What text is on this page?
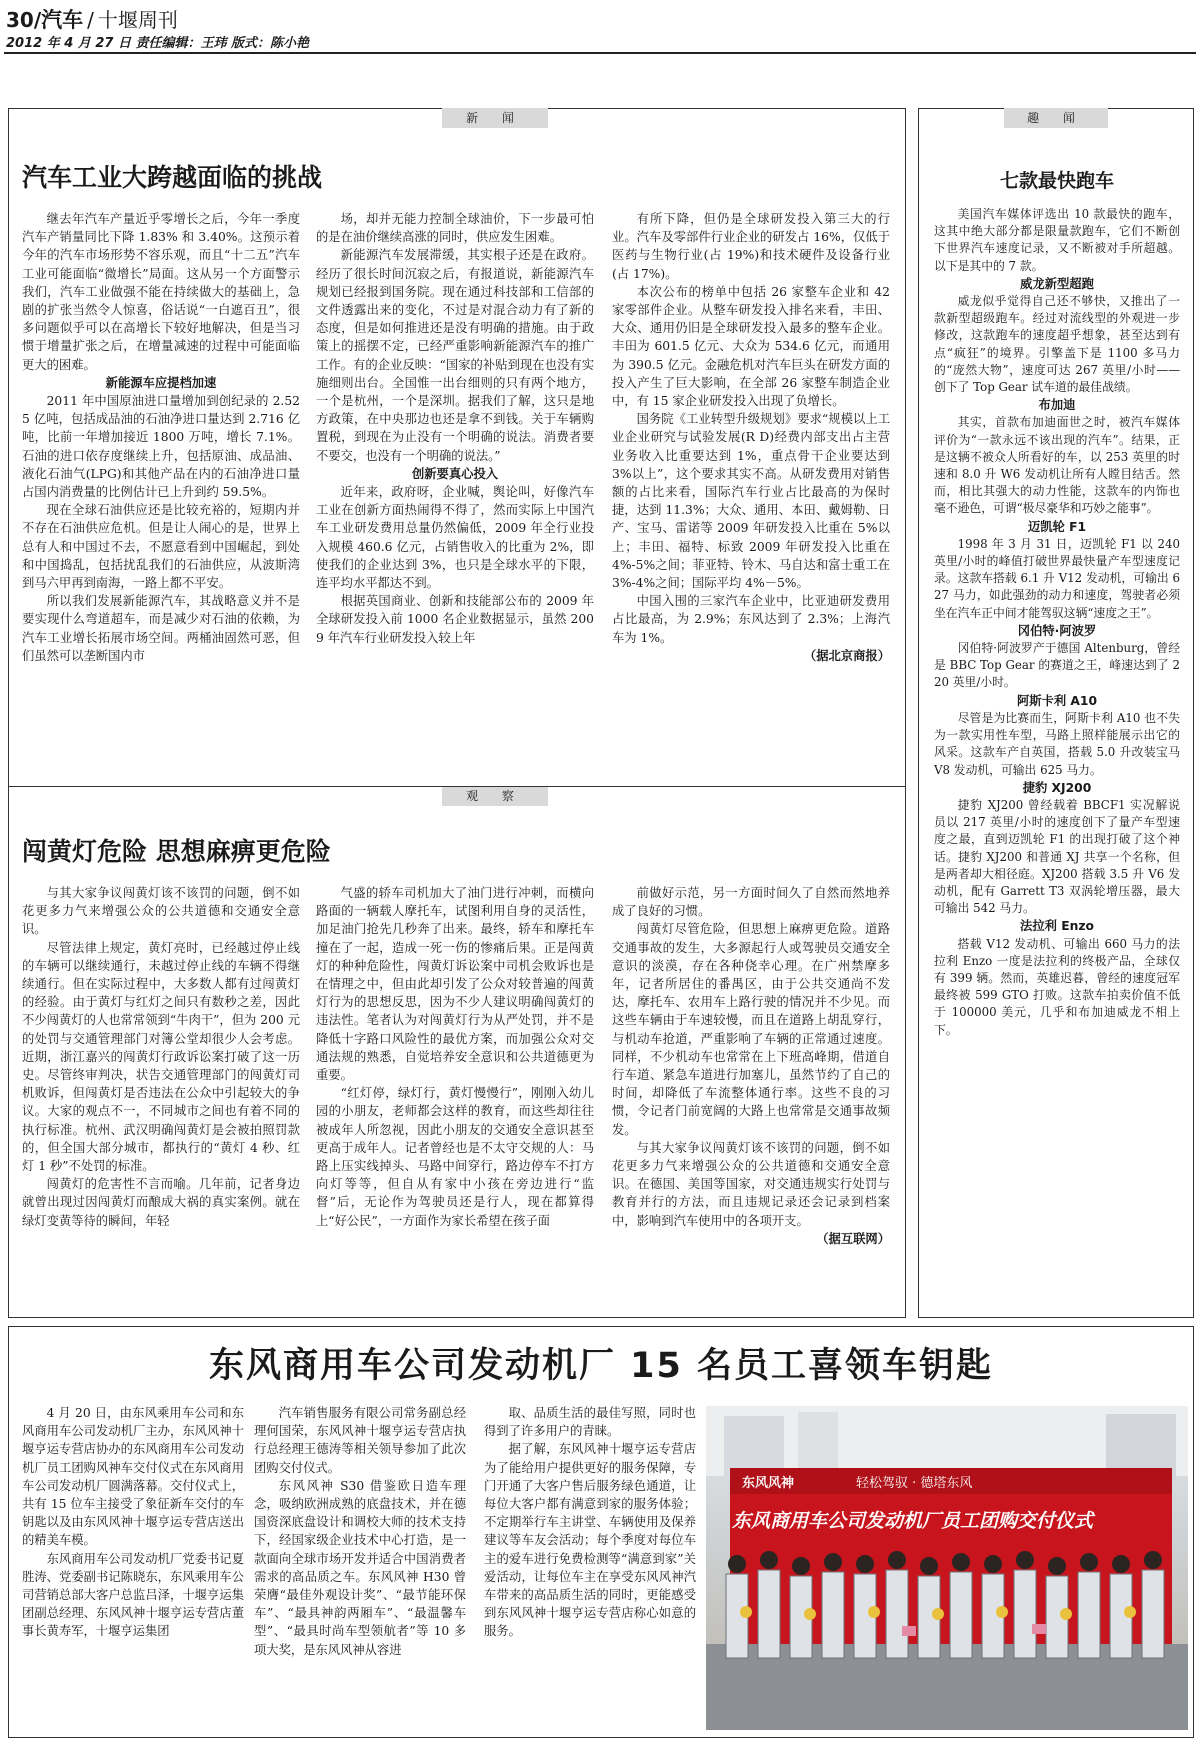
30/汽车 / 十堰周刊
2012 年 4 月 27 日 责任编辑：王玮 版式：陈小艳
新 闻	趣 闻
观 察
汽车工业大跨越面临的挑战

继去年汽车产量近乎零增长之后，今年一季度汽车产销量同比下降 1.83% 和 3.40%。这预示着今年的汽车市场形势不容乐观，而且“十二五”汽车工业可能面临“微增长”局面。这从另一个方面警示我们，汽车工业做强不能在持续做大的基础上，急剧的扩张当然令人惊喜，俗话说“一白遮百丑”，很多问题似乎可以在高增长下较好地解决，但是当习惯于增量扩张之后，在增量减速的过程中可能面临更大的困难。

新能源车应提档加速

2011 年中国原油进口量增加到创纪录的 2.525 亿吨，包括成品油的石油净进口量达到 2.716 亿吨，比前一年增加接近 1800 万吨，增长 7.1%。石油的进口依存度继续上升，包括原油、成品油、液化石油气(LPG)和其他产品在内的石油净进口量占国内消费量的比例估计已上升到约 59.5%。

现在全球石油供应还是比较充裕的，短期内并不存在石油供应危机。但是让人闹心的是，世界上总有人和中国过不去，不愿意看到中国崛起，到处和中国捣乱，包括扰乱我们的石油供应，从波斯湾到马六甲再到南海，一路上都不平安。

所以我们发展新能源汽车，其战略意义并不是要实现什么弯道超车，而是减少对石油的依赖，为汽车工业增长拓展市场空间。两桶油固然可恶，但们虽然可以垄断国内市

场，却并无能力控制全球油价，下一步最可怕的是在油价继续高涨的同时，供应发生困难。

新能源汽车发展滞缓，其实根子还是在政府。经历了很长时间沉寂之后，有报道说，新能源汽车规划已经报到国务院。现在通过科技部和工信部的文件透露出来的变化，不过是对混合动力有了新的态度，但是如何推进还是没有明确的措施。由于政策上的摇摆不定，已经严重影响新能源汽车的推广工作。有的企业反映：“国家的补贴到现在也没有实施细则出台。全国惟一出台细则的只有两个地方，一个是杭州，一个是深圳。据我们了解，这只是地方政策，在中央那边也还是拿不到钱。关于车辆购置税，到现在为止没有一个明确的说法。消费者要不要交，也没有一个明确的说法。”

创新要真心投入

近年来，政府呀，企业喊，舆论叫，好像汽车工业在创新方面热闹得不得了，然而实际上中国汽车工业研发费用总量仍然偏低，2009 年全行业投入规模 460.6 亿元，占销售收入的比重为 2%，即使我们的企业达到 3%，也只是全球水平的下限，连平均水平都达不到。

根据英国商业、创新和技能部公布的 2009 年全球研发投入前 1000 名企业数据显示，虽然 2009 年汽车行业研发投入较上年

有所下降，但仍是全球研发投入第三大的行业。汽车及零部件行业企业的研发占 16%，仅低于医药与生物行业(占 19%)和技术硬件及设备行业(占 17%)。

本次公布的榜单中包括 26 家整车企业和 42 家零部件企业。从整车研发投入排名来看，丰田、大众、通用仍旧是全球研发投入最多的整车企业。丰田为 601.5 亿元、大众为 534.6 亿元，而通用为 390.5 亿元。金融危机对汽车巨头在研发方面的投入产生了巨大影响，在全部 26 家整车制造企业中，有 15 家企业研发投入出现了负增长。

国务院《工业转型升级规划》要求“规模以上工业企业研究与试验发展(R D)经费内部支出占主营业务收入比重要达到 1%，重点骨干企业要达到 3%以上”，这个要求其实不高。从研发费用对销售额的占比来看，国际汽车行业占比最高的为保时捷，达到 11.3%；大众、通用、本田、戴姆勒、日产、宝马、雷诺等 2009 年研发投入比重在 5%以上；丰田、福特、标致 2009 年研发投入比重在 4%-5%之间；菲亚特、铃木、马自达和富士重工在 3%-4%之间；国际平均 4%－5%。

中国入围的三家汽车企业中，比亚迪研发费用占比最高，为 2.9%；东风达到了 2.3%；上海汽车为 1%。

（据北京商报）
闯黄灯危险 思想麻痹更危险

与其大家争议闯黄灯该不该罚的问题，倒不如花更多力气来增强公众的公共道德和交通安全意识。

尽管法律上规定，黄灯亮时，已经越过停止线的车辆可以继续通行，未越过停止线的车辆不得继续通行。但在实际过程中，大多数人都有过闯黄灯的经验。由于黄灯与红灯之间只有数秒之差，因此不少闯黄灯的人也常常领到“牛肉干”，但为 200 元的处罚与交通管理部门对簿公堂却很少人会考虑。近期，浙江嘉兴的闯黄灯行政诉讼案打破了这一历史。尽管终审判决，状告交通管理部门的闯黄灯司机败诉，但闯黄灯是否违法在公众中引起较大的争议。大家的观点不一，不同城市之间也有着不同的执行标准。杭州、武汉明确闯黄灯是会被拍照罚款的，但全国大部分城市，都执行的“黄灯 4 秒、红灯 1 秒”不处罚的标准。

闯黄灯的危害性不言而喻。几年前，记者身边就曾出现过因闯黄灯而酿成大祸的真实案例。就在绿灯变黄等待的瞬间，年轻

气盛的轿车司机加大了油门进行冲刺，而横向路面的一辆载人摩托车，试图利用自身的灵活性，加足油门抢先几秒奔了出来。最终，轿车和摩托车撞在了一起，造成一死一伤的惨痛后果。正是闯黄灯的种种危险性，闯黄灯诉讼案中司机会败诉也是在情理之中，但由此却引发了公众对较普遍的闯黄灯行为的思想反思，因为不少人建议明确闯黄灯的违法性。笔者认为对闯黄灯行为从严处罚，并不是降低十字路口风险性的最优方案，而加强公众对交通法规的熟悉，自觉培养安全意识和公共道德更为重要。

“红灯停，绿灯行，黄灯慢慢行”，刚刚入幼儿园的小朋友，老师都会这样的教育，而这些却往往被成年人所忽视，因此小朋友的交通安全意识甚至更高于成年人。记者曾经也是不太守交规的人：马路上压实线掉头、马路中间穿行，路边停车不打方向灯等等，但自从有家中小孩在旁边进行“监督”后，无论作为驾驶员还是行人，现在都算得上“好公民”，一方面作为家长希望在孩子面

前做好示范，另一方面时间久了自然而然地养成了良好的习惯。

闯黄灯尽管危险，但思想上麻痹更危险。道路交通事故的发生，大多源起行人或驾驶员交通安全意识的淡漠，存在各种侥幸心理。在广州禁摩多年，记者所居住的番禺区，由于公共交通尚不发达，摩托车、农用车上路行驶的情况并不少见。而这些车辆由于车速较慢，而且在道路上胡乱穿行，与机动车抢道，严重影响了车辆的正常通过速度。同样，不少机动车也常常在上下班高峰期，借道自行车道、紧急车道进行加塞儿，虽然节约了自己的时间，却降低了车流整体通行率。这些不良的习惯，令记者门前宽阔的大路上也常常是交通事故频发。

与其大家争议闯黄灯该不该罚的问题，倒不如花更多力气来增强公众的公共道德和交通安全意识。在德国、美国等国家，对交通违规实行处罚与教育并行的方法，而且违规记录还会记录到档案中，影响到汽车使用中的各项开支。

（据互联网）
七款最快跑车

美国汽车媒体评选出 10 款最快的跑车，这其中绝大部分都是限量款跑车，它们不断创下世界汽车速度记录，又不断被对手所超越。以下是其中的 7 款。

威龙新型超跑

威龙似乎觉得自己还不够快，又推出了一款新型超级跑车。经过对流线型的外观进一步修改，这款跑车的速度超乎想象，甚至达到有点“疯狂”的境界。引擎盖下是 1100 多马力的“庞然大物”，速度可达 267 英里/小时——创下了 Top Gear 试车道的最佳战绩。

布加迪

其实，首款布加迪面世之时，被汽车媒体评价为“一款永远不该出现的汽车”。结果，正是这辆不被众人所看好的车，以 253 英里的时速和 8.0 升 W6 发动机让所有人瞠目结舌。然而，相比其强大的动力性能，这款车的内饰也毫不逊色，可谓“极尽豪华和巧妙之能事”。

迈凯轮 F1

1998 年 3 月 31 日，迈凯轮 F1 以 240 英里/小时的峰值打破世界最快量产车型速度记录。这款车搭载 6.1 升 V12 发动机，可输出 627 马力，如此强劲的动力和速度，驾驶者必须坐在汽车正中间才能驾驭这辆“速度之王”。

冈伯特·阿波罗

冈伯特·阿波罗产于德国 Altenburg，曾经是 BBC Top Gear 的赛道之王，峰速达到了 220 英里/小时。

阿斯卡利 A10

尽管是为比赛而生，阿斯卡利 A10 也不失为一款实用性车型，马路上照样能展示出它的风采。这款车产自英国，搭载 5.0 升改装宝马 V8 发动机，可输出 625 马力。

捷豹 XJ200

捷豹 XJ200 曾经载着 BBCF1 实况解说员以 217 英里/小时的速度创下了量产车型速度之最，直到迈凯轮 F1 的出现打破了这个神话。捷豹 XJ200 和普通 XJ 共享一个名称，但是两者却大相径庭。XJ200 搭载 3.5 升 V6 发动机，配有 Garrett T3 双涡轮增压器，最大可输出 542 马力。

法拉利 Enzo

搭载 V12 发动机、可输出 660 马力的法拉利 Enzo 一度是法拉利的终极产品，全球仅有 399 辆。然而，英雄迟暮，曾经的速度冠军最终被 599 GTO 打败。这款车拍卖价值不低于 100000 美元，几乎和布加迪威龙不相上下。

东风商用车公司发动机厂 15 名员工喜领车钥匙

4 月 20 日，由东风乘用车公司和东风商用车公司发动机厂主办，东风风神十堰亨运专营店协办的东风商用车公司发动机厂员工团购风神车交付仪式在东风商用车公司发动机厂圆满落幕。交付仪式上，共有 15 位车主接受了象征新车交付的车钥匙以及由东风风神十堰亨运专营店送出的精美车模。

东风商用车公司发动机厂党委书记夏胜涛、党委副书记陈晓东，东风乘用车公司营销总部大客户总监吕泽，十堰亨运集团副总经理、东风风神十堰亨运专营店董事长黄寿军，十堰亨运集团

汽车销售服务有限公司常务副总经理何国荣，东风风神十堰亨运专营店执行总经理王德涛等相关领导参加了此次团购交付仪式。

东风风神 S30 借鉴欧日造车理念，吸纳欧洲成熟的底盘技术，并在德国资深底盘设计和调校大师的技术支持下，经国家级企业技术中心打造，是一款面向全球市场开发并适合中国消费者需求的高品质之车。东风风神 H30 曾荣膺“最佳外观设计奖”、“最节能环保车”、“最具神韵两厢车”、“最温馨车型”、“最具时尚车型领航者”等 10 多项大奖，是东风风神从容进

取、品质生活的最佳写照，同时也得到了许多用户的青睐。

据了解，东风风神十堰亨运专营店为了能给用户提供更好的服务保障，专门开通了大客户售后服务绿色通道，让每位大客户都有满意到家的服务体验；不定期举行车主讲堂、车辆使用及保养建议等车友会活动；每个季度对每位车主的爱车进行免费检测等“满意到家”关爱活动，让每位车主在享受东风风神汽车带来的高品质生活的同时，更能感受到东风风神十堰亨运专营店称心如意的服务。

东风风神	轻松驾驭 · 德塔东风
东风商用车公司发动机厂员工团购交付仪式
